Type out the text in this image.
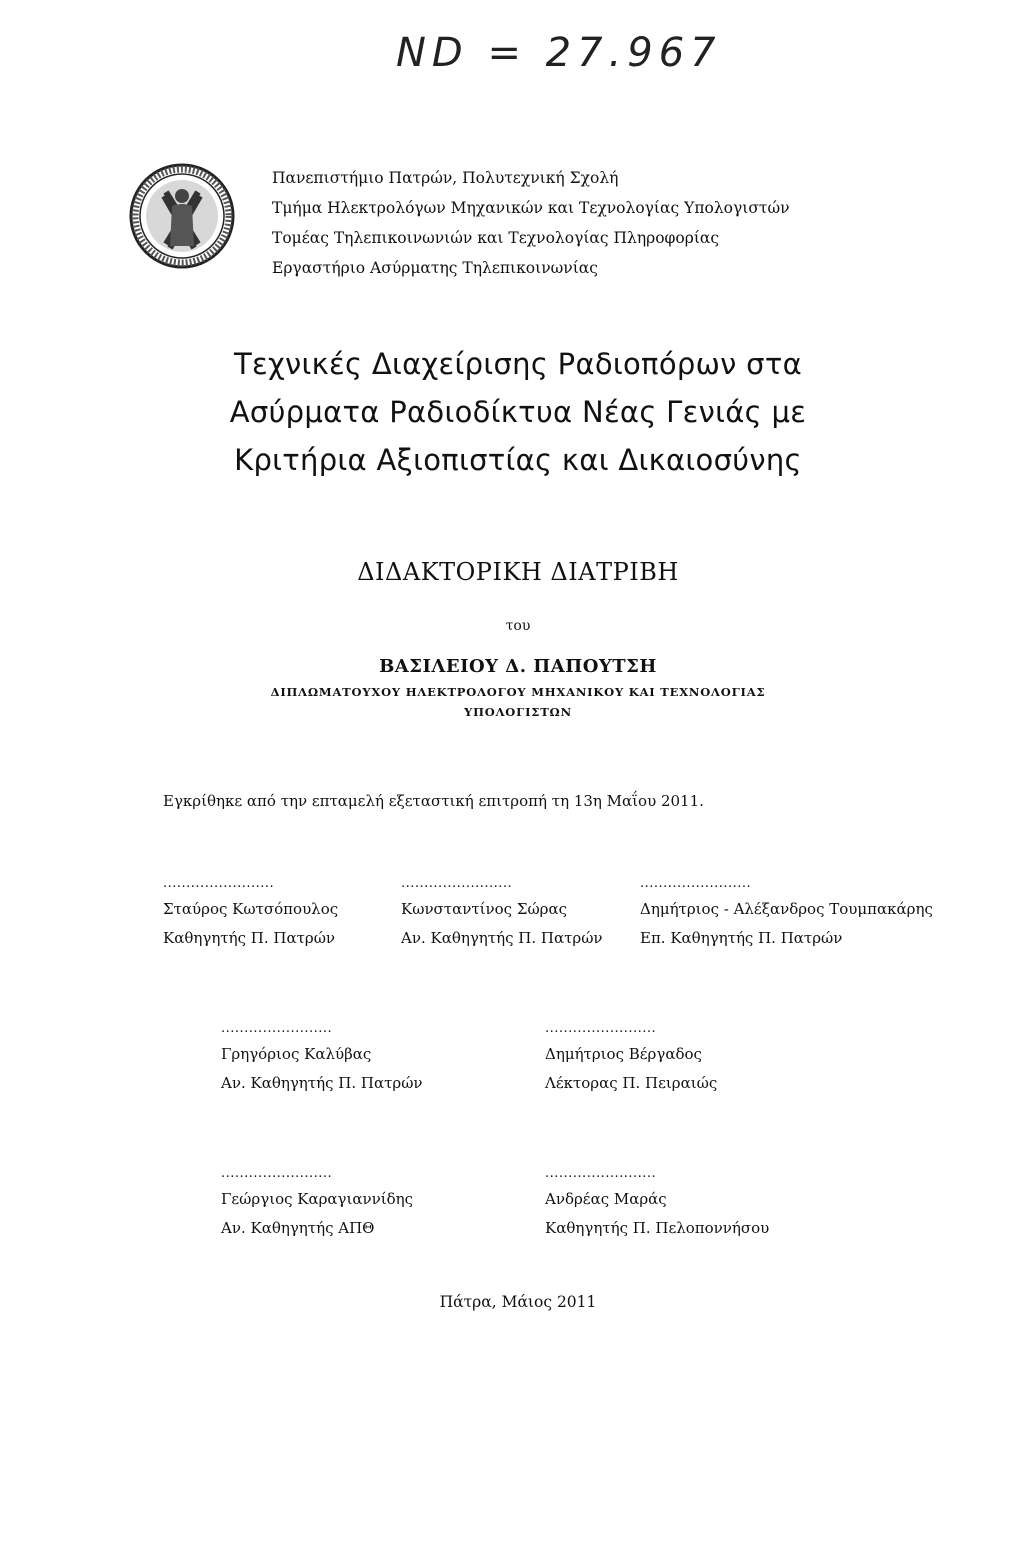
ND = 27.967
Πανεπιστήμιο Πατρών, Πολυτεχνική Σχολή
Τμήμα Ηλεκτρολόγων Μηχανικών και Τεχνολογίας Υπολογιστών
Τομέας Τηλεπικοινωνιών και Τεχνολογίας Πληροφορίας
Εργαστήριο Ασύρματης Τηλεπικοινωνίας
Τεχνικές Διαχείρισης Ραδιοπόρων στα
Ασύρματα Ραδιοδίκτυα Νέας Γενιάς με
Κριτήρια Αξιοπιστίας και Δικαιοσύνης
ΔΙΔΑΚΤΟΡΙΚΗ ΔΙΑΤΡΙΒΗ
του
ΒΑΣΙΛΕΙΟΥ Δ. ΠΑΠΟΥΤΣΗ
ΔΙΠΛΩΜΑΤΟΥΧΟΥ ΗΛΕΚΤΡΟΛΟΓΟΥ ΜΗΧΑΝΙΚΟΥ ΚΑΙ ΤΕΧΝΟΛΟΓΙΑΣ
ΥΠΟΛΟΓΙΣΤΩΝ
Εγκρίθηκε από την επταμελή εξεταστική επιτροπή τη 13η Μαΐου 2011.
........................
Σταύρος Κωτσόπουλος
Καθηγητής Π. Πατρών
........................
Κωνσταντίνος Σώρας
Αν. Καθηγητής Π. Πατρών
........................
Δημήτριος - Αλέξανδρος Τουμπακάρης
Επ. Καθηγητής Π. Πατρών
........................
Γρηγόριος Καλύβας
Αν. Καθηγητής Π. Πατρών
........................
Δημήτριος Βέργαδος
Λέκτορας Π. Πειραιώς
........................
Γεώργιος Καραγιαννίδης
Αν. Καθηγητής ΑΠΘ
........................
Ανδρέας Μαράς
Καθηγητής Π. Πελοποννήσου
Πάτρα, Μάιος 2011
